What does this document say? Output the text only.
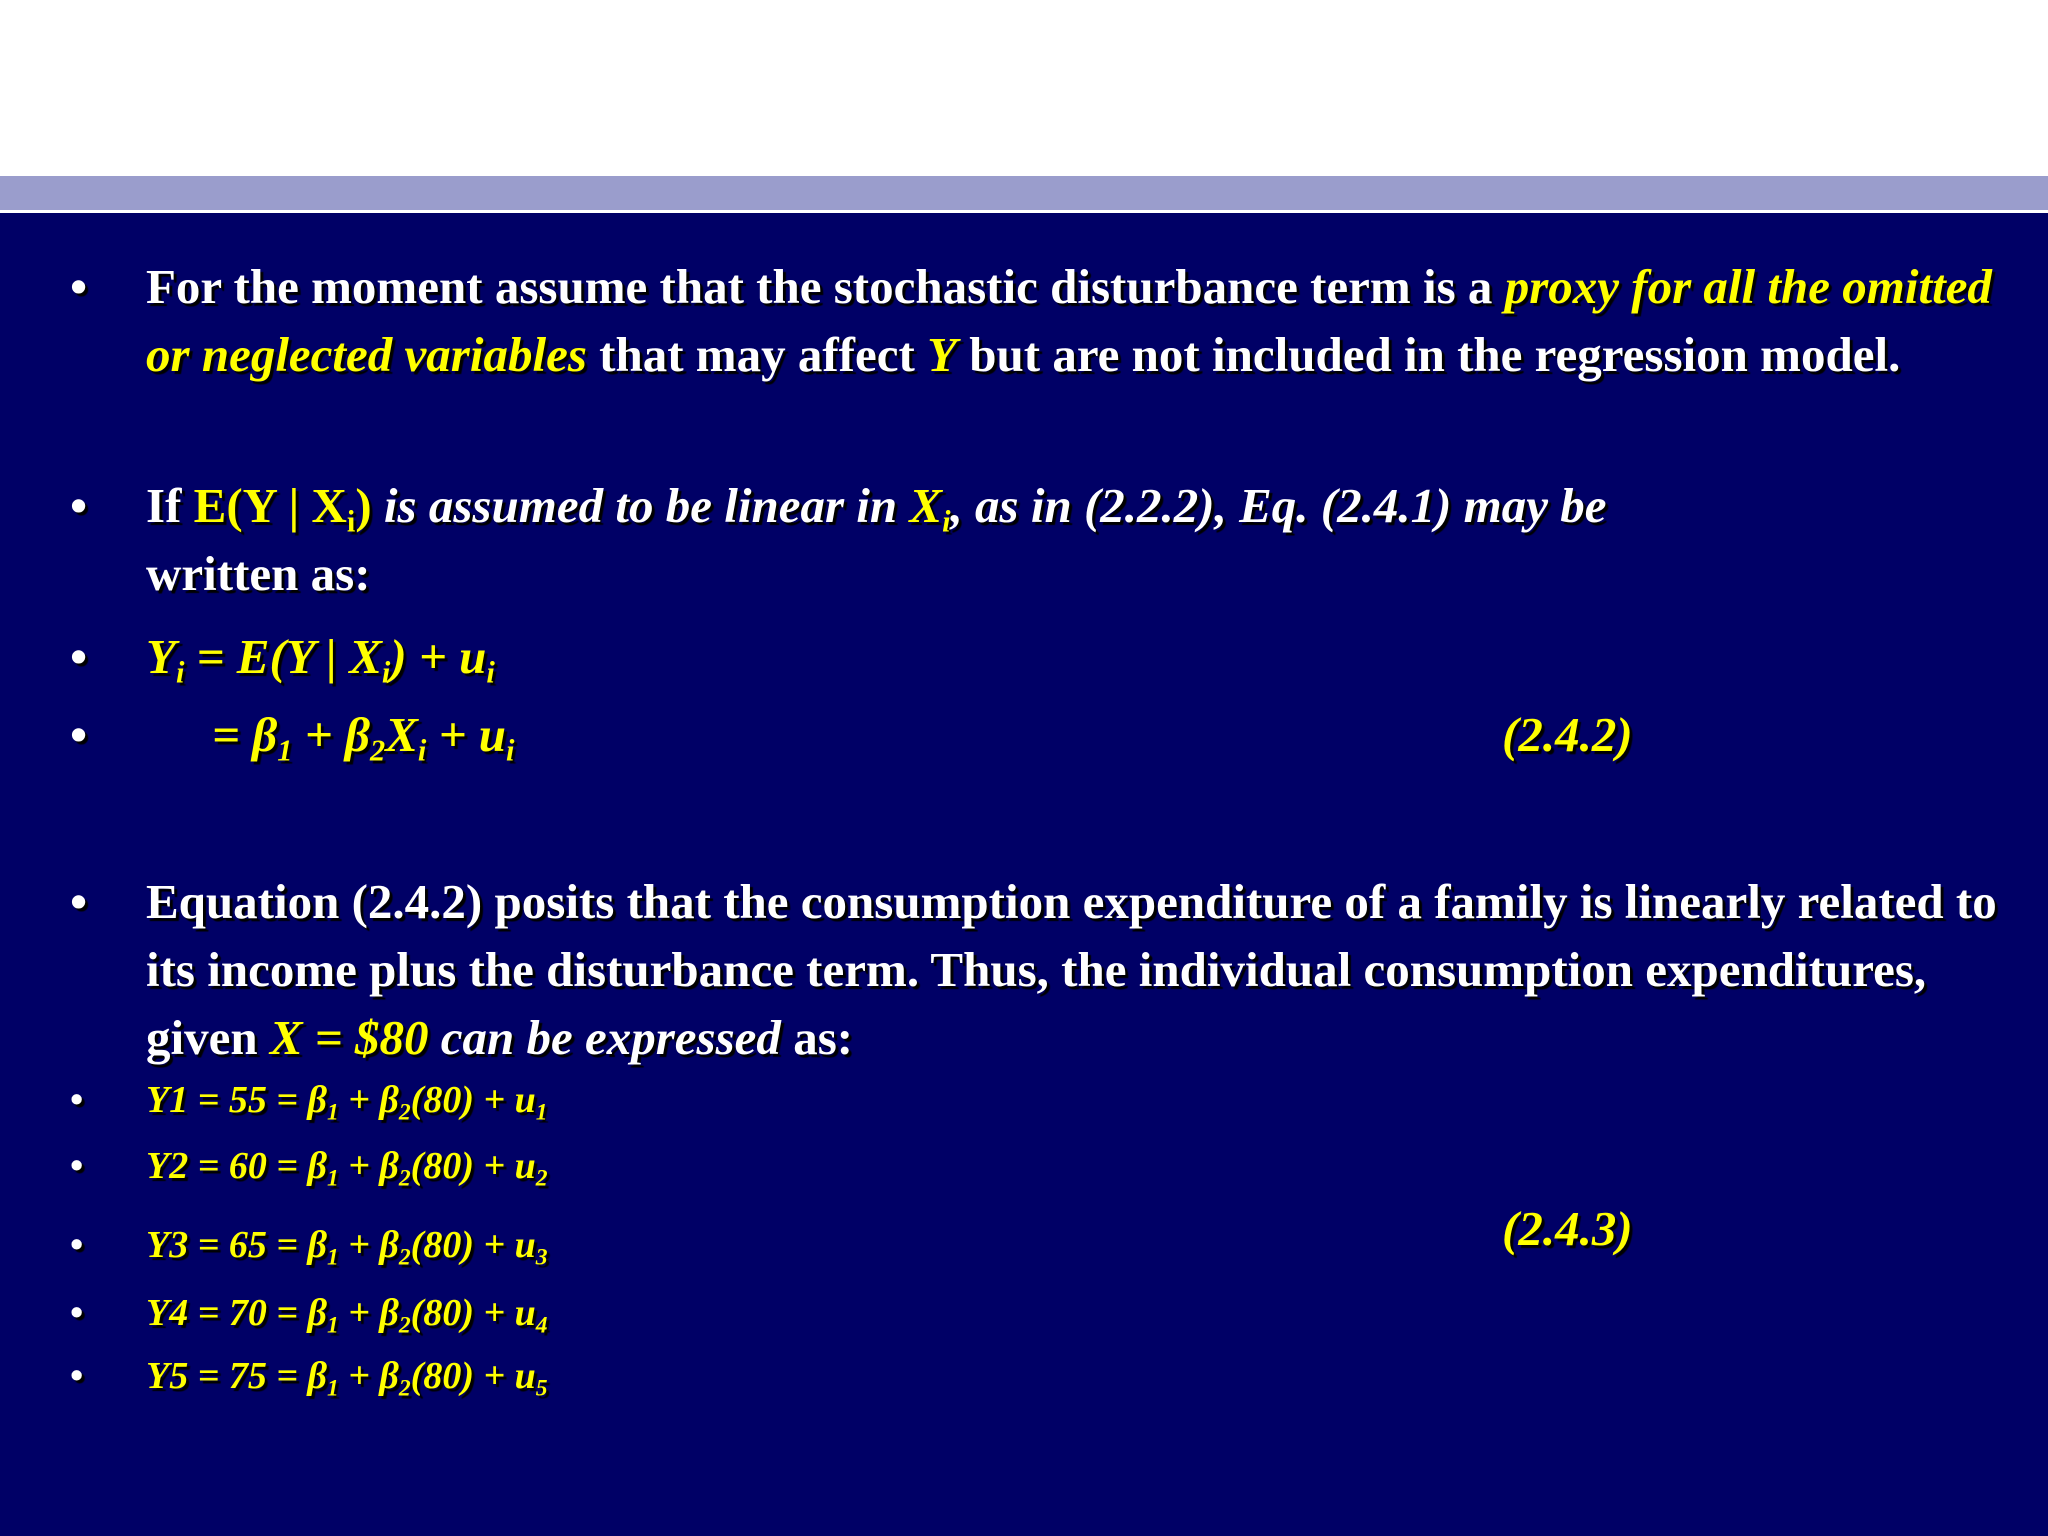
• For the moment assume that the stochastic disturbance term is a proxy for all the omitted or neglected variables that may affect Y but are not included in the regression model.
• If E(Y | $X_i$) is assumed to be linear in $X_i$, as in (2.2.2), Eq. (2.4.1) may be
written as:
• $Y_i = E(Y$ | $X_i) + u_i$
•	= $\beta_1 + \beta_2X_i + u_i$	(2.4.2)
• Equation (2.4.2) posits that the consumption expenditure of a family is linearly related to its income plus the disturbance term. Thus, the individual consumption expenditures, given X = $80 can be expressed as:
• $Y1 = 55 = \beta_1 + \beta_2(80) + u_1$
• $Y2 = 60 = \beta_1 + \beta_2(80) + u_2$
• $Y3 = 65 = \beta_1 + \beta_2(80) + u_3$
(2.4.3)
• $Y4 = 70 = \beta_1 + \beta_2(80) + u_4$
• $Y5 = 75 = \beta_1 + \beta_2(80) + u_5$
